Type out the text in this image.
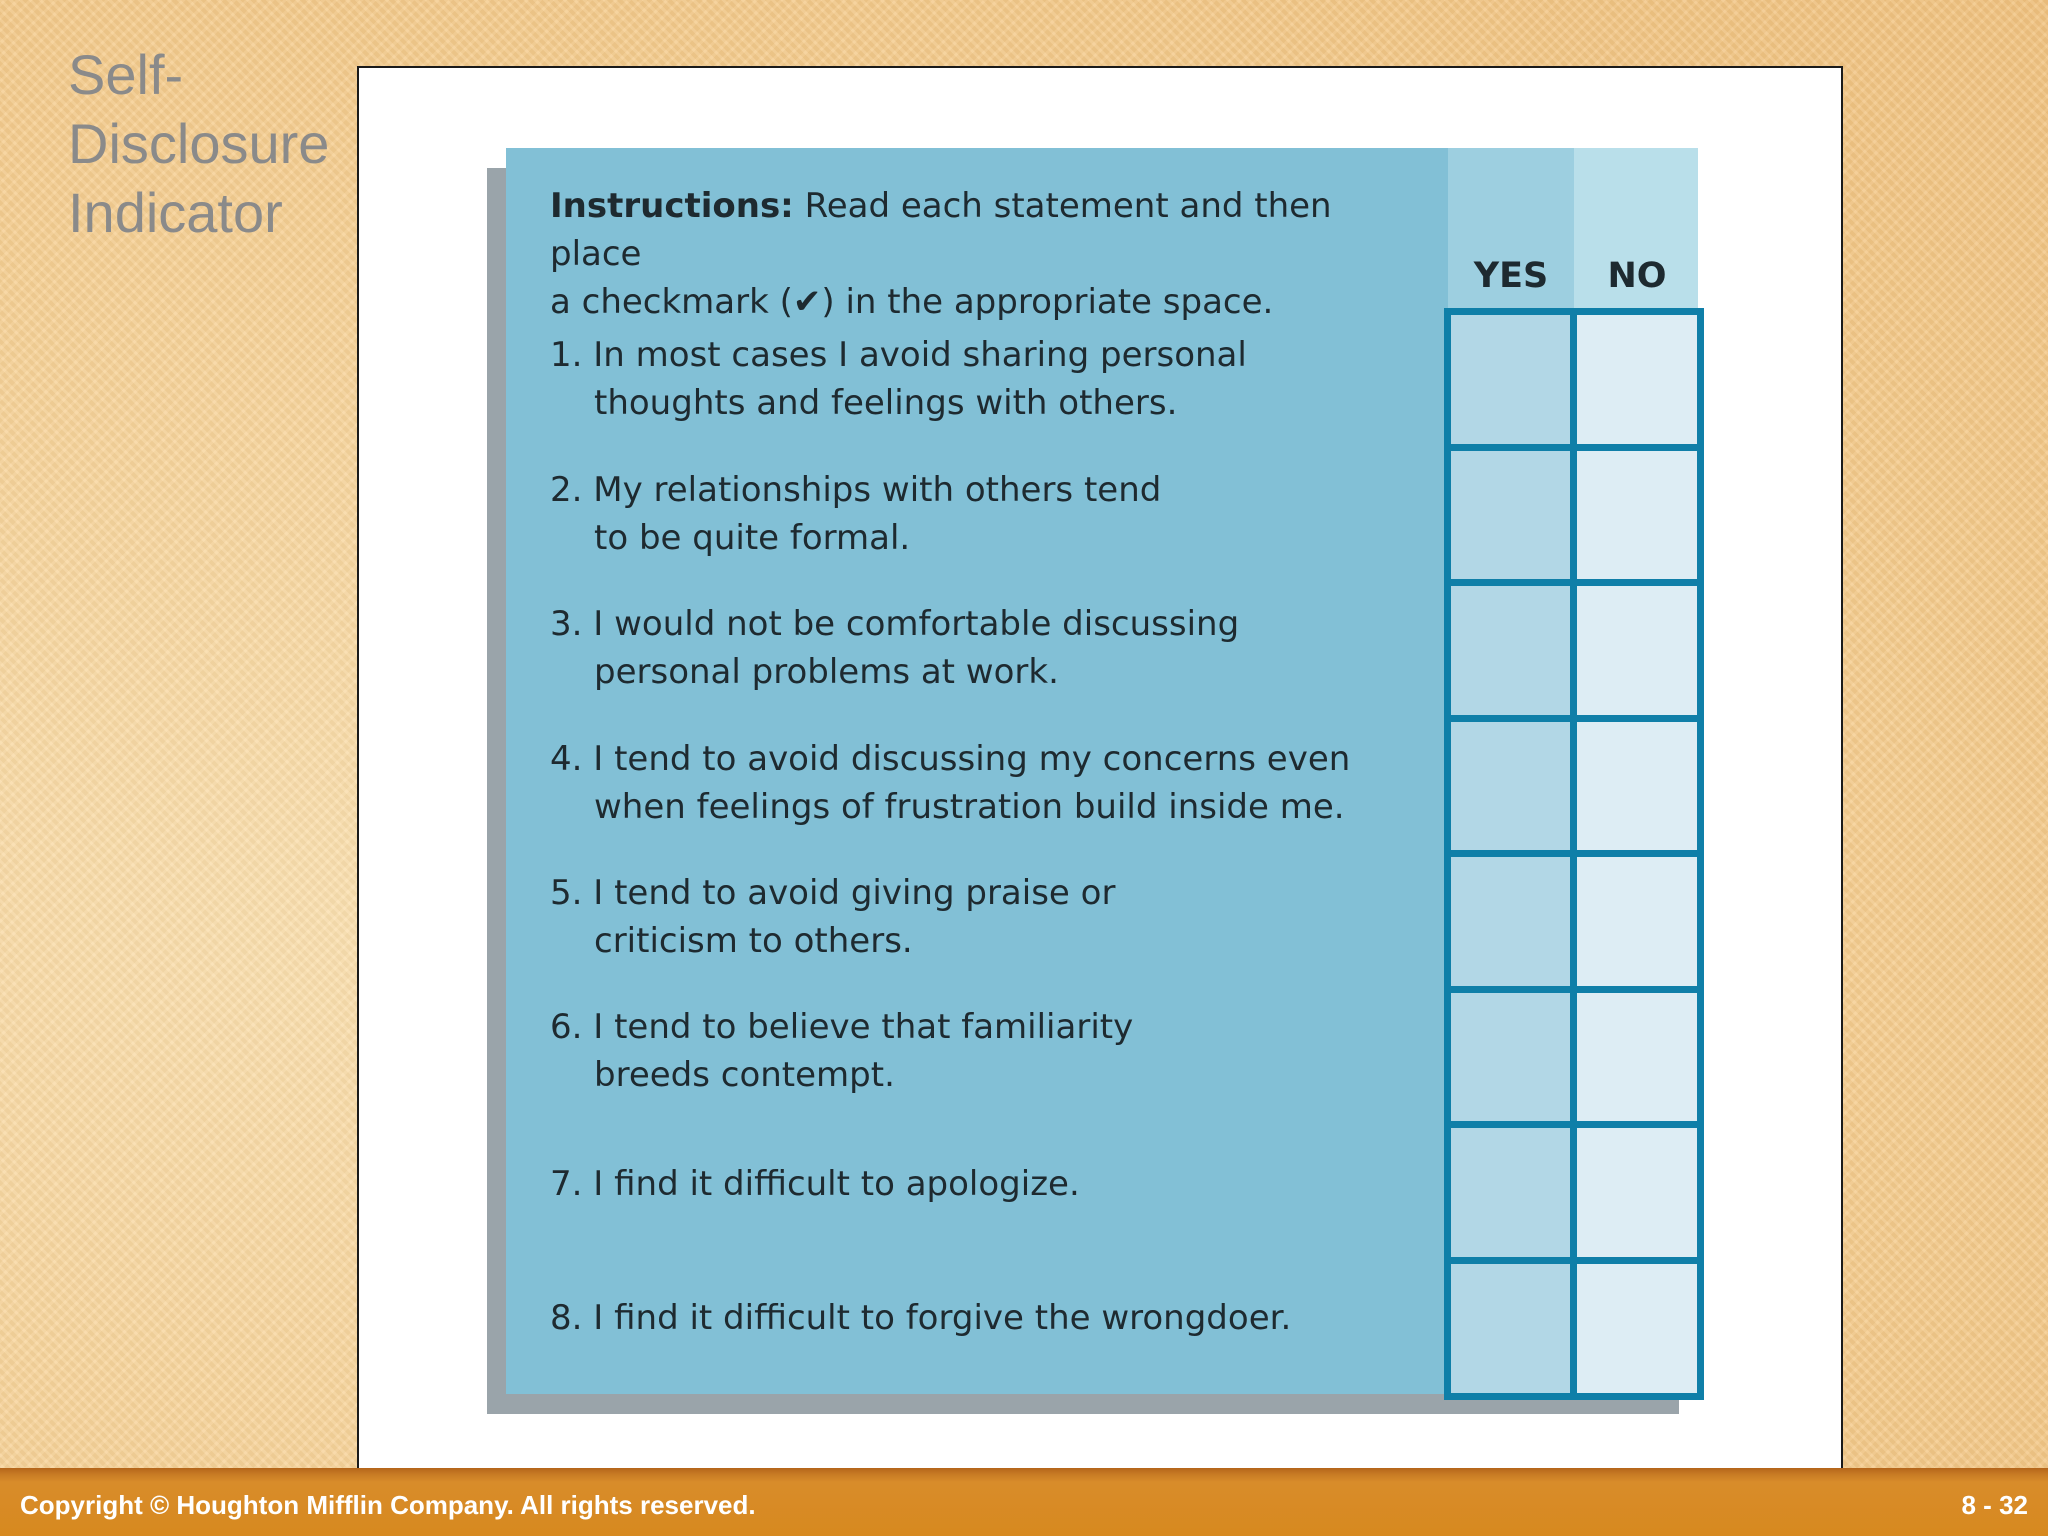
Self-
Disclosure
Indicator	Instructions: Read each statement and then place
a checkmark (✔) in the appropriate space.
YES	NO
1. In most cases I avoid sharing personal
thoughts and feelings with others.
2. My relationships with others tend
to be quite formal.
3. I would not be comfortable discussing
personal problems at work.
4. I tend to avoid discussing my concerns even
when feelings of frustration build inside me.
5. I tend to avoid giving praise or
criticism to others.
6. I tend to believe that familiarity
breeds contempt.
7. I find it difficult to apologize.
8. I find it difficult to forgive the wrongdoer.
Copyright © Houghton Mifflin Company. All rights reserved.	8 - 32
